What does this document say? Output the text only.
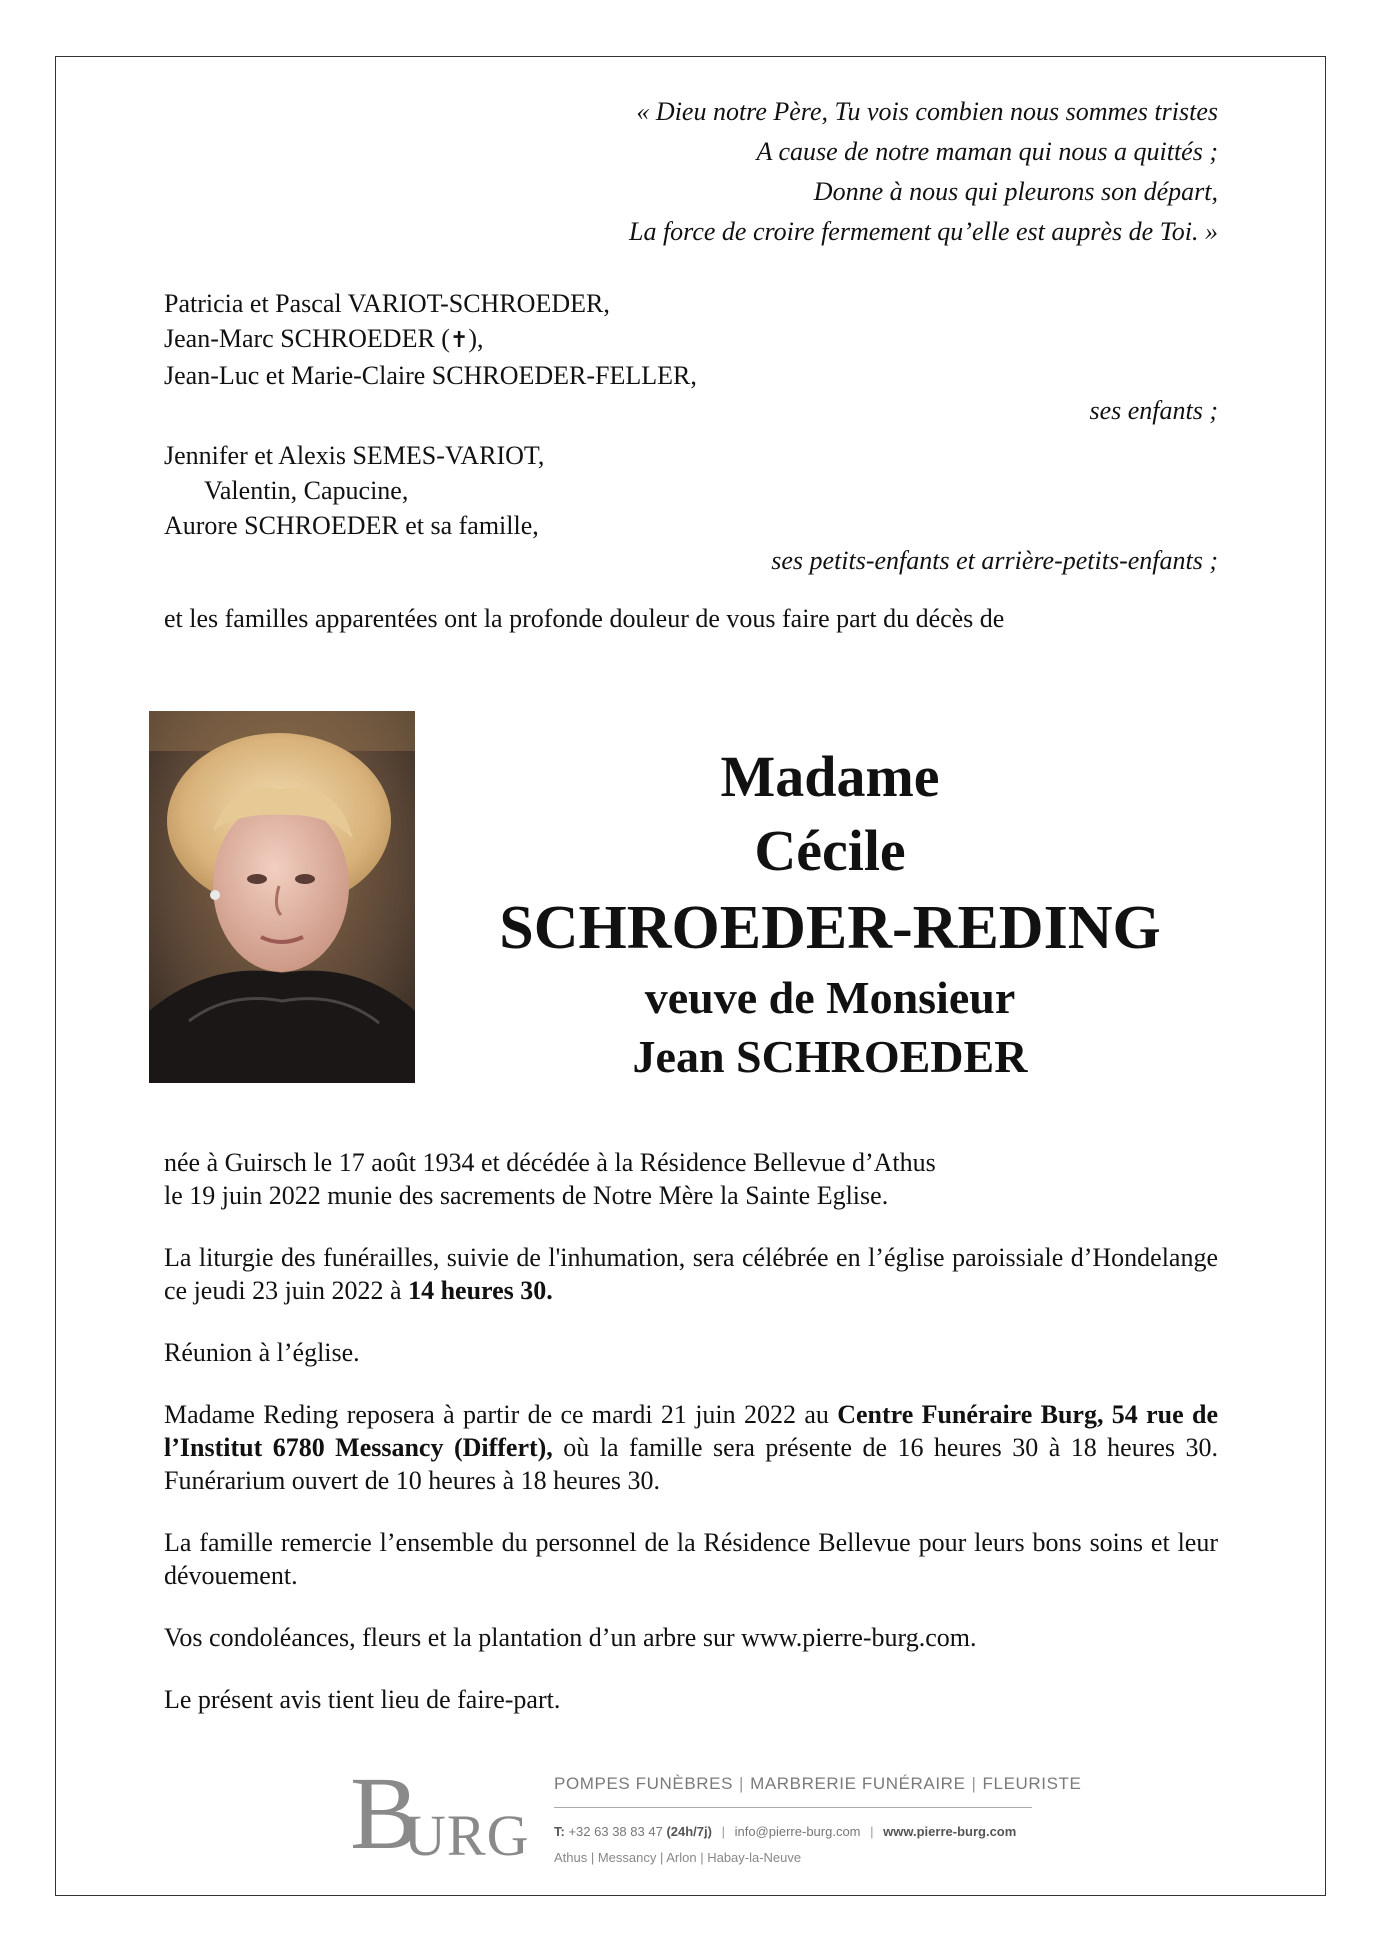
« Dieu notre Père, Tu vois combien nous sommes tristes
A cause de notre maman qui nous a quittés ;
Donne à nous qui pleurons son départ,
La force de croire fermement qu’elle est auprès de Toi. »
Patricia et Pascal VARIOT-SCHROEDER,
Jean-Marc SCHROEDER (✝),
Jean-Luc et Marie-Claire SCHROEDER-FELLER,
ses enfants ;
Jennifer et Alexis SEMES-VARIOT,
Valentin, Capucine,
Aurore SCHROEDER et sa famille,
ses petits-enfants et arrière-petits-enfants ;
et les familles apparentées ont la profonde douleur de vous faire part du décès de
Madame
Cécile
SCHROEDER-REDING
veuve de Monsieur
Jean SCHROEDER

née à Guirsch le 17 août 1934 et décédée à la Résidence Bellevue d’Athus
le 19 juin 2022 munie des sacrements de Notre Mère la Sainte Eglise.

La liturgie des funérailles, suivie de l'inhumation, sera célébrée en l’église paroissiale d’Hondelange ce jeudi 23 juin 2022 à 14 heures 30.

Réunion à l’église.

Madame Reding reposera à partir de ce mardi 21 juin 2022 au Centre Funéraire Burg, 54 rue de l’Institut 6780 Messancy (Differt), où la famille sera présente de 16 heures 30 à 18 heures 30. Funérarium ouvert de 10 heures à 18 heures 30.

La famille remercie l’ensemble du personnel de la Résidence Bellevue pour leurs bons soins et leur dévouement.

Vos condoléances, fleurs et la plantation d’un arbre sur www.pierre-burg.com.

Le présent avis tient lieu de faire-part.

B
URG
POMPES FUNÈBRES | MARBRERIE FUNÉRAIRE | FLEURISTE
T: +32 63 38 83 47 (24h/7j) | info@pierre-burg.com | www.pierre-burg.com
Athus | Messancy | Arlon | Habay-la-Neuve
